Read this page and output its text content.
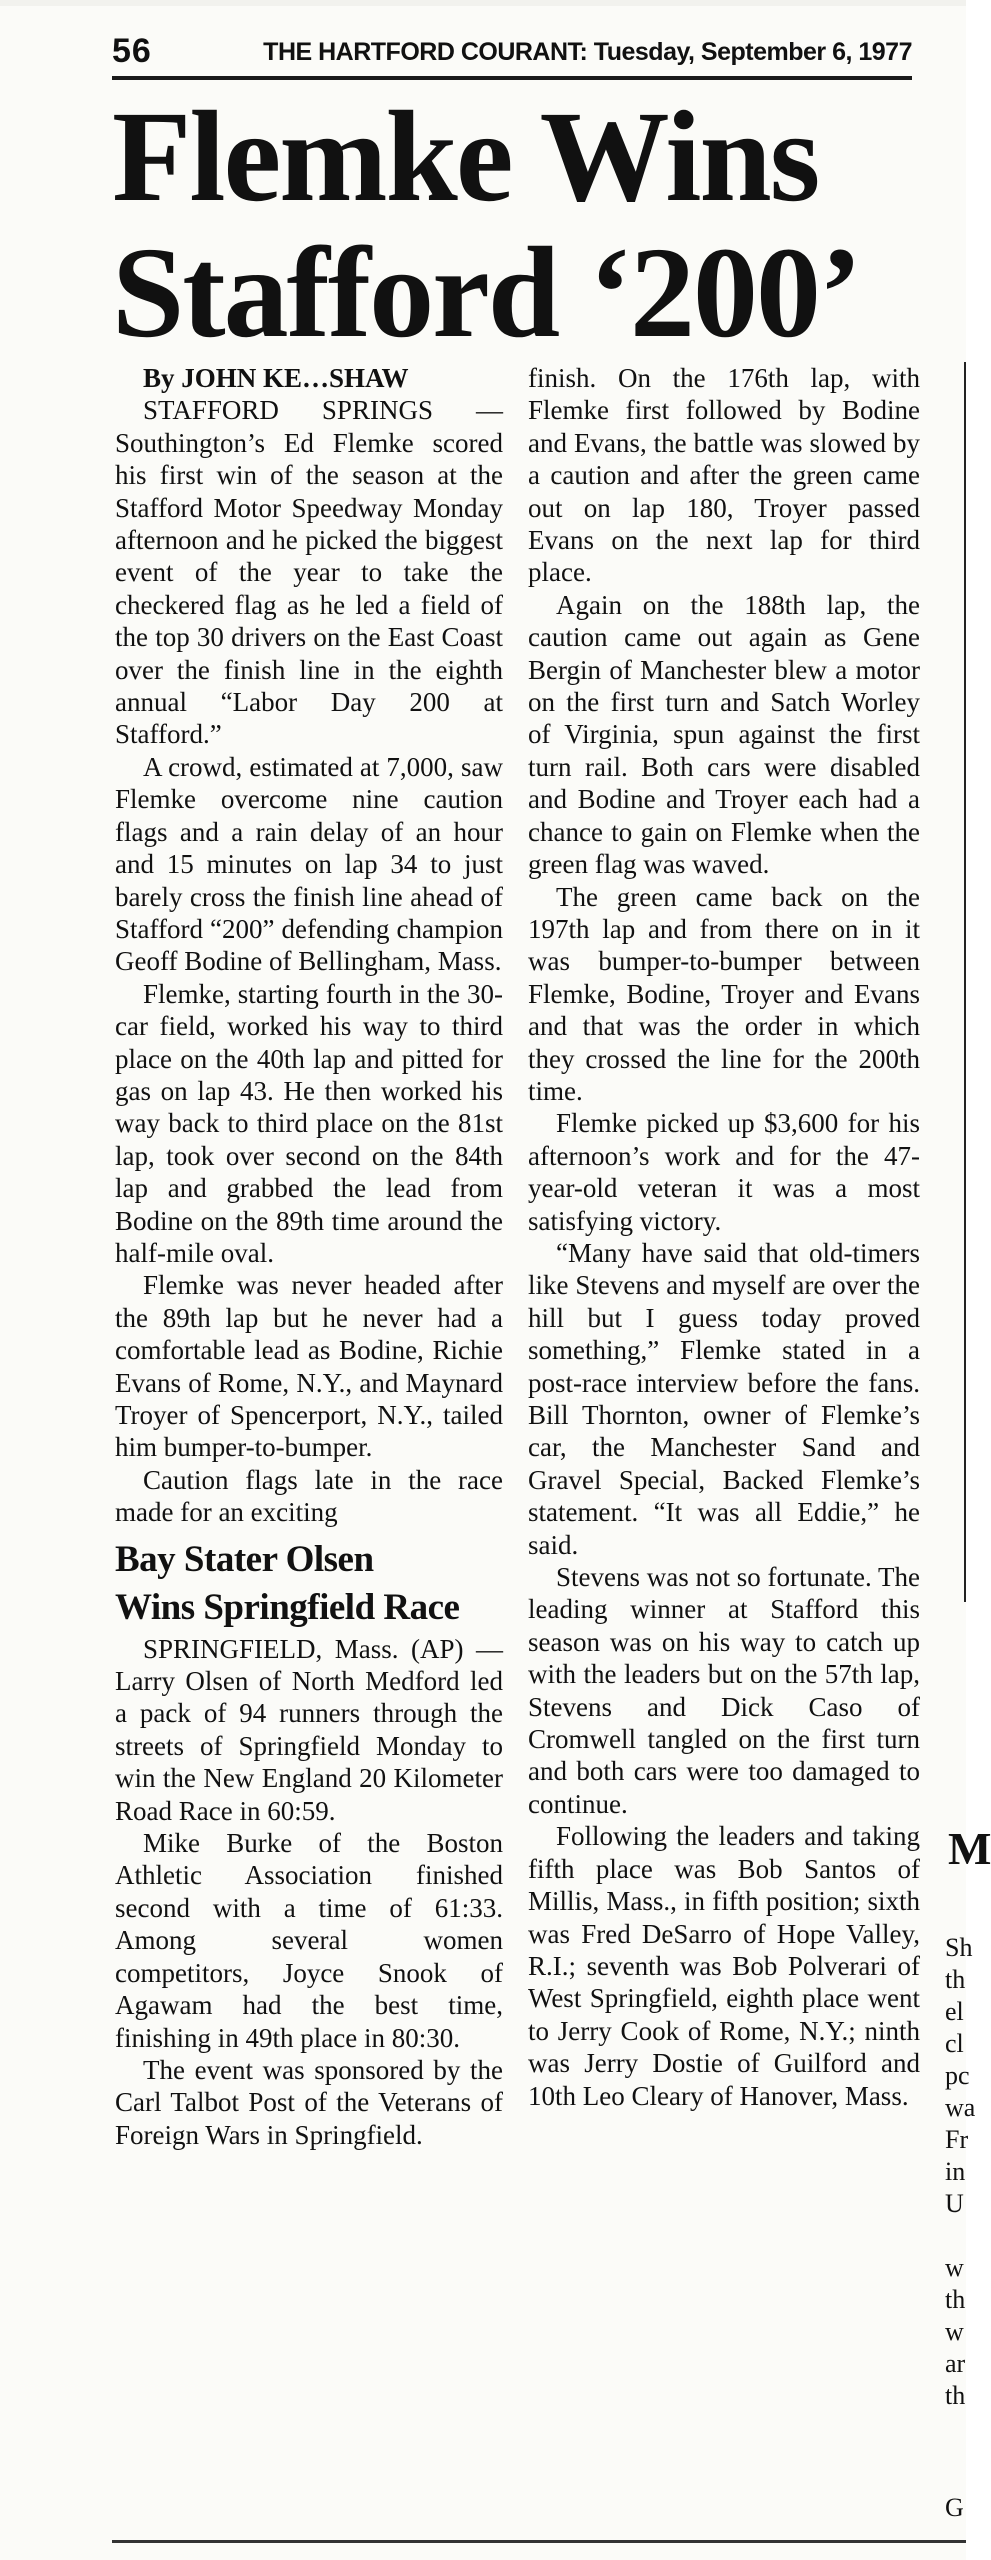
56	THE HARTFORD COURANT: Tuesday, September 6, 1977
Flemke Wins
Stafford ‘200’

By JOHN KE…SHAW

STAFFORD SPRINGS — Southington’s Ed Flemke scored his first win of the season at the Stafford Motor Speedway Monday afternoon and he picked the biggest event of the year to take the checkered flag as he led a field of the top 30 drivers on the East Coast over the finish line in the eighth annual “Labor Day 200 at Stafford.”

A crowd, estimated at 7,000, saw Flemke overcome nine caution flags and a rain delay of an hour and 15 minutes on lap 34 to just barely cross the finish line ahead of Stafford “200” defending champion Geoff Bodine of Bellingham, Mass.

Flemke, starting fourth in the 30-car field, worked his way to third place on the 40th lap and pitted for gas on lap 43. He then worked his way back to third place on the 81st lap, took over second on the 84th lap and grabbed the lead from Bodine on the 89th time around the half-mile oval.

Flemke was never headed after the 89th lap but he never had a comfortable lead as Bodine, Richie Evans of Rome, N.Y., and Maynard Troyer of Spencerport, N.Y., tailed him bumper-to-bumper.

Caution flags late in the race made for an exciting

Bay Stater Olsen
Wins Springfield Race

SPRINGFIELD, Mass. (AP) — Larry Olsen of North Medford led a pack of 94 runners through the streets of Springfield Monday to win the New England 20 Kilometer Road Race in 60:59.

Mike Burke of the Boston Athletic Association finished second with a time of 61:33. Among several women competitors, Joyce Snook of Agawam had the best time, finishing in 49th place in 80:30.

The event was sponsored by the Carl Talbot Post of the Veterans of Foreign Wars in Springfield.

finish. On the 176th lap, with Flemke first followed by Bodine and Evans, the battle was slowed by a caution and after the green came out on lap 180, Troyer passed Evans on the next lap for third place.

Again on the 188th lap, the caution came out again as Gene Bergin of Manchester blew a motor on the first turn and Satch Worley of Virginia, spun against the first turn rail. Both cars were disabled and Bodine and Troyer each had a chance to gain on Flemke when the green flag was waved.

The green came back on the 197th lap and from there on in it was bumper-to-bumper between Flemke, Bodine, Troyer and Evans and that was the order in which they crossed the line for the 200th time.

Flemke picked up $3,600 for his afternoon’s work and for the 47-year-old veteran it was a most satisfying victory.

“Many have said that old-timers like Stevens and myself are over the hill but I guess today proved something,” Flemke stated in a post-race interview before the fans. Bill Thornton, owner of Flemke’s car, the Manchester Sand and Gravel Special, Backed Flemke’s statement. “It was all Eddie,” he said.

Stevens was not so fortunate. The leading winner at Stafford this season was on his way to catch up with the leaders but on the 57th lap, Stevens and Dick Caso of Cromwell tangled on the first turn and both cars were too damaged to continue.

Following the leaders and taking fifth place was Bob Santos of Millis, Mass., in fifth position; sixth was Fred DeSarro of Hope Valley, R.I.; seventh was Bob Polverari of West Springfield, eighth place went to Jerry Cook of Rome, N.Y.; ninth was Jerry Dostie of Guilford and 10th Leo Cleary of Hanover, Mass.

M
Sh
th
el
cl
pc
wa
Fr
in
U
w
th
w
ar
th
G
